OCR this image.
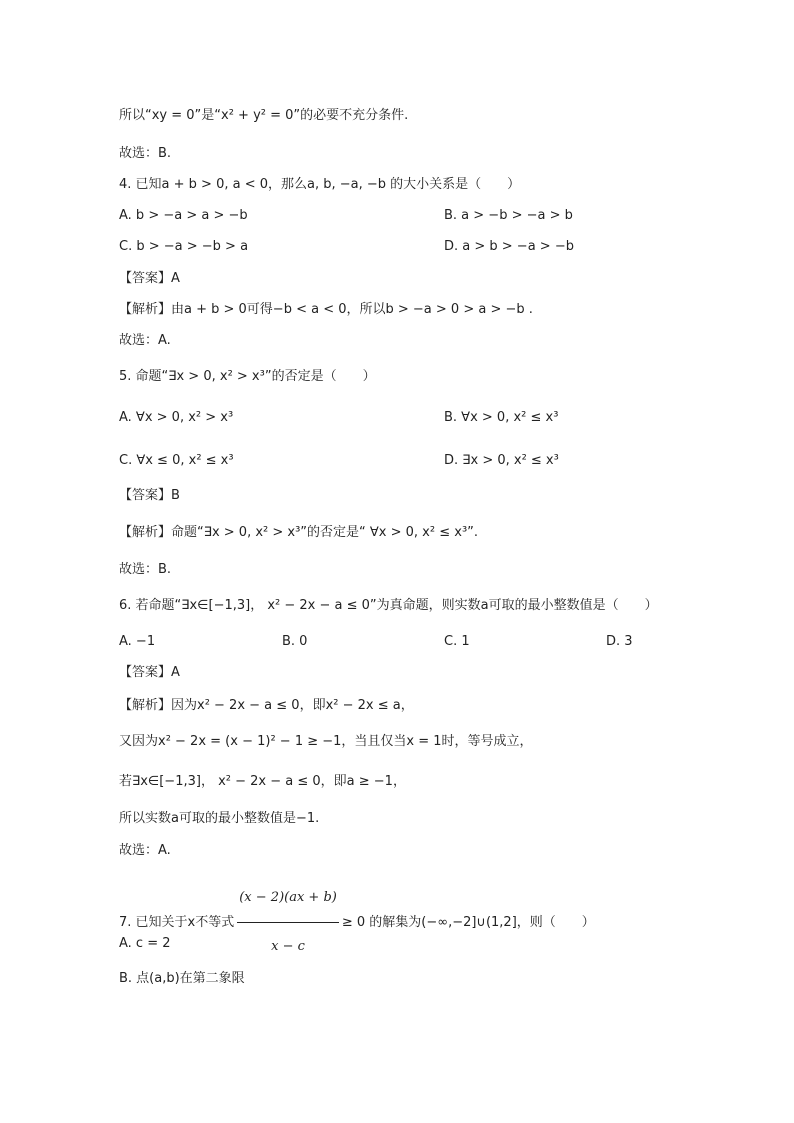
所以“xy = 0”是“x² + y² = 0”的必要不充分条件.
故选：B.
4. 已知a + b > 0, a < 0，那么a, b, −a, −b 的大小关系是（　　）
A. b > −a > a > −b	B. a > −b > −a > b
C. b > −a > −b > a	D. a > b > −a > −b
【答案】A
【解析】由a + b > 0可得−b < a < 0，所以b > −a > 0 > a > −b .
故选：A.
5. 命题“∃x > 0, x² > x³”的否定是（　　）
A. ∀x > 0, x² > x³	B. ∀x > 0, x² ≤ x³
C. ∀x ≤ 0, x² ≤ x³	D. ∃x > 0, x² ≤ x³
【答案】B
【解析】命题“∃x > 0, x² > x³”的否定是“ ∀x > 0, x² ≤ x³”.
故选：B.
6. 若命题“∃x∈[−1,3]， x² − 2x − a ≤ 0”为真命题，则实数a可取的最小整数值是（　　）
A. −1	B. 0	C. 1	D. 3
【答案】A
【解析】因为x² − 2x − a ≤ 0，即x² − 2x ≤ a，
又因为x² − 2x = (x − 1)² − 1 ≥ −1，当且仅当x = 1时，等号成立，
若∃x∈[−1,3]， x² − 2x − a ≤ 0，即a ≥ −1，
所以实数a可取的最小整数值是−1.
故选：A.
7. 已知关于x不等式 $\frac{(x - 2)(ax + b)}{x - c} \ge 0$ 的解集为(−∞,−2]∪(1,2]，则（　　）
A. c = 2
B. 点(a,b)在第二象限
